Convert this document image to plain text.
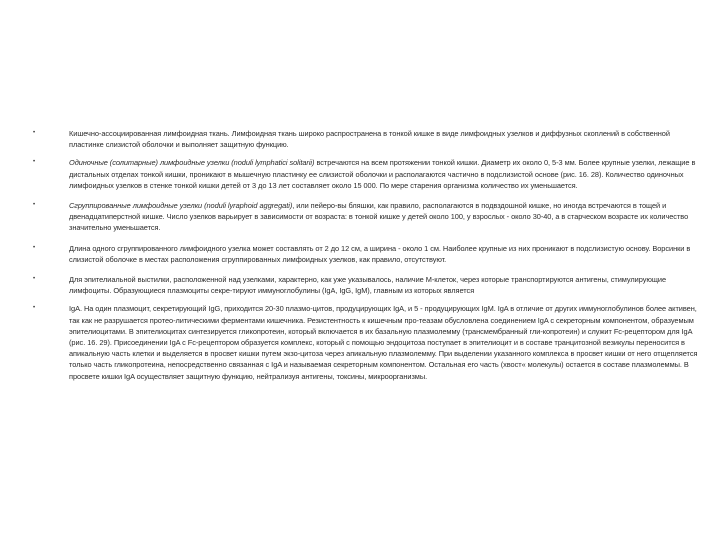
•	Кишечно-ассоциированная лимфоидная ткань. Лимфоидная ткань широко распространена в тонкой кишке в виде лимфоидных узелков и диффузных скоплений в собственной пластинке слизистой оболочки и выполняет защитную функцию.
•	Одиночные (солитарные) лимфоидные узелки (noduli lymphatici solitarii) встречаются на всем протяжении тонкой кишки. Диаметр их около 0, 5-3 мм. Более крупные узелки, лежащие в дистальных отделах тонкой кишки, проникают в мышечную пластинку ее слизистой оболочки и располагаются частично в подслизистой основе (рис. 16. 28). Количество одиночных лимфоидных узелков в стенке тонкой кишки детей от 3 до 13 лет составляет около 15 000. По мере старения организма количество их уменьшается.
•	Сгруппированные лимфоидные узелки (noduli lyraphoid aggregati), или пейеро-вы бляшки, как правило, располагаются в подвздошной кишке, но иногда встречаются в тощей и двенадцатиперстной кишке. Число узелков варьирует в зависимости от возраста: в тонкой кишке у детей около 100, у взрослых - около 30-40, а в старческом возрасте их количество значительно уменьшается.
•	Длина одного сгруппированного лимфоидного узелка может составлять от 2 до 12 см, а ширина - около 1 см. Наиболее крупные из них проникают в подслизистую основу. Ворсинки в слизистой оболочке в местах расположения сгруппированных лимфоидных узелков, как правило, отсутствуют.
•	Для эпителиальной выстилки, расположенной над узелками, характерно, как уже указывалось, наличие М-клеток, через которые транспортируются антигены, стимулирующие лимфоциты. Образующиеся плазмоциты секре-тируют иммуноглобулины (IgA, IgG, IgM), главным из которых является
•	IgA. На один плазмоцит, секретирующий IgG, приходится 20-30 плазмо-цитов, продуцирующих IgA, и 5 - продуцирующих IgM. IgA в отличие от других иммуноглобулинов более активен, так как не разрушается протео-литическими ферментами кишечника. Резистентность к кишечным про-теазам обусловлена соединением IgA с секреторным компонентом, образуемым эпителиоцитами. В эпителиоцитах синтезируется гликопротеин, который включается в их базальную плазмолемму (трансмембранный гли-копротеин) и служит Fc-рецептором для IgA (рис. 16. 29). Присоединении IgA с Fc-рецептором образуется комплекс, который с помощью эндоцитоза поступает в эпителиоцит и в составе транцитозной везикулы переносится в апикальную часть клетки и выделяется в просвет кишки путем экзо-цитоза через апикальную плазмолемму. При выделении указанного комплекса в просвет кишки от него отщепляется только часть гликопротеина, непосредственно связанная с IgA и называемая секреторным компонентом. Остальная его часть (хвост« молекулы) остается в составе плазмолеммы. В просвете кишки IgA осуществляет защитную функцию, нейтрализуя антигены, токсины, микроорганизмы.
